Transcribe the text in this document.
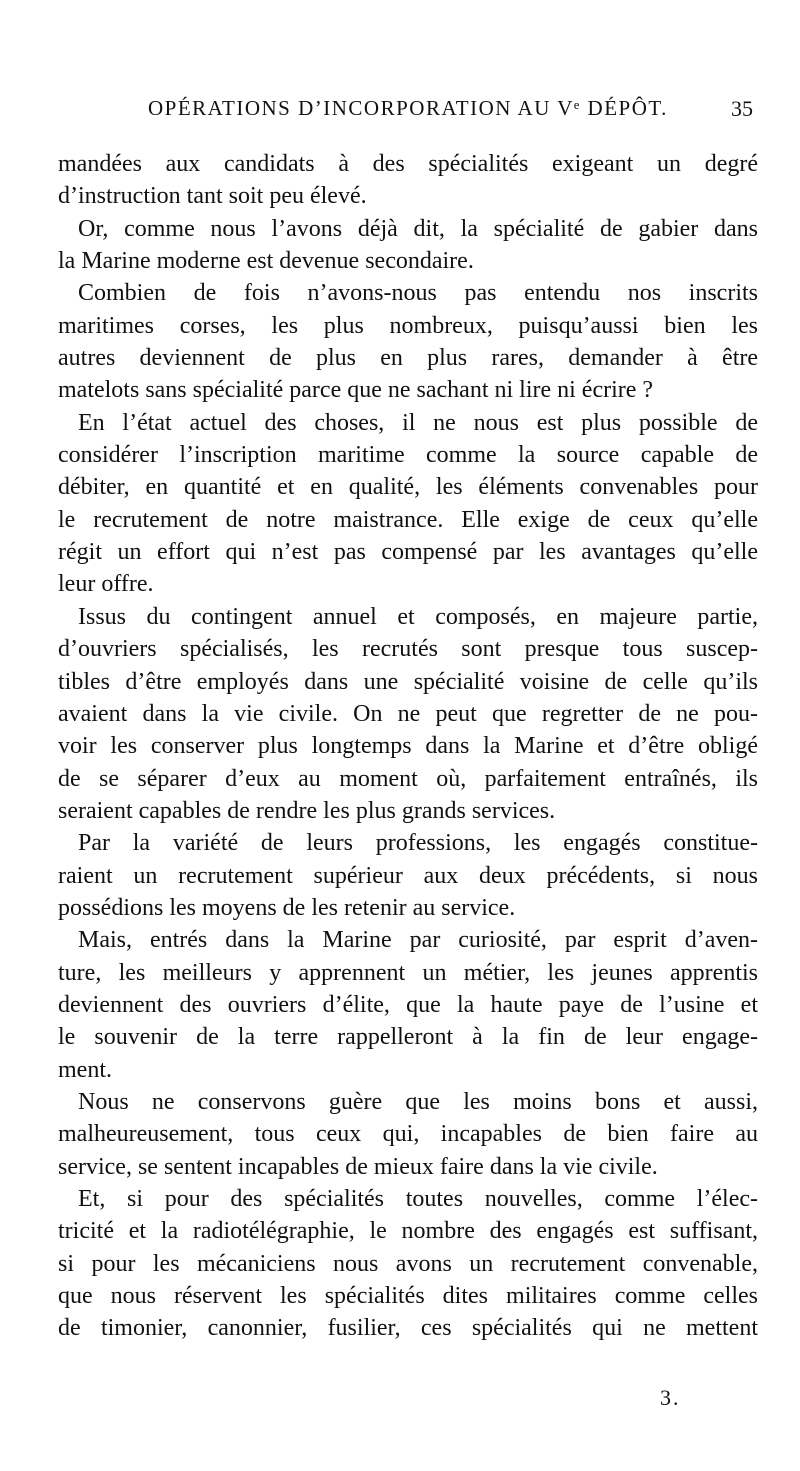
OPÉRATIONS D’INCORPORATION AU Vᵉ DÉPÔT.	35
mandées aux candidats à des spécialités exigeant un degré
d’instruction tant soit peu élevé.
Or, comme nous l’avons déjà dit, la spécialité de gabier dans
la Marine moderne est devenue secondaire.
Combien de fois n’avons-nous pas entendu nos inscrits
maritimes corses, les plus nombreux, puisqu’aussi bien les
autres deviennent de plus en plus rares, demander à être
matelots sans spécialité parce que ne sachant ni lire ni écrire ?
En l’état actuel des choses, il ne nous est plus possible de
considérer l’inscription maritime comme la source capable de
débiter, en quantité et en qualité, les éléments convenables pour
le recrutement de notre maistrance. Elle exige de ceux qu’elle
régit un effort qui n’est pas compensé par les avantages qu’elle
leur offre.
Issus du contingent annuel et composés, en majeure partie,
d’ouvriers spécialisés, les recrutés sont presque tous suscep-
tibles d’être employés dans une spécialité voisine de celle qu’ils
avaient dans la vie civile. On ne peut que regretter de ne pou-
voir les conserver plus longtemps dans la Marine et d’être obligé
de se séparer d’eux au moment où, parfaitement entraînés, ils
seraient capables de rendre les plus grands services.
Par la variété de leurs professions, les engagés constitue-
raient un recrutement supérieur aux deux précédents, si nous
possédions les moyens de les retenir au service.
Mais, entrés dans la Marine par curiosité, par esprit d’aven-
ture, les meilleurs y apprennent un métier, les jeunes apprentis
deviennent des ouvriers d’élite, que la haute paye de l’usine et
le souvenir de la terre rappelleront à la fin de leur engage-
ment.
Nous ne conservons guère que les moins bons et aussi,
malheureusement, tous ceux qui, incapables de bien faire au
service, se sentent incapables de mieux faire dans la vie civile.
Et, si pour des spécialités toutes nouvelles, comme l’élec-
tricité et la radiotélégraphie, le nombre des engagés est suffisant,
si pour les mécaniciens nous avons un recrutement convenable,
que nous réservent les spécialités dites militaires comme celles
de timonier, canonnier, fusilier, ces spécialités qui ne mettent
3.
